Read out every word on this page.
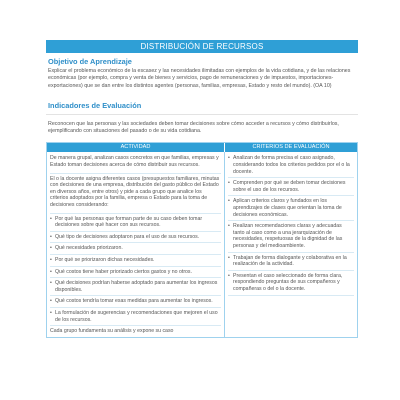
DISTRIBUCIÓN DE RECURSOS
Objetivo de Aprendizaje
Explicar el problema económico de la escasez y las necesidades ilimitadas con ejemplos de la vida cotidiana, y de las relaciones económicas (por ejemplo, compra y venta de bienes y servicios, pago de remuneraciones y de impuestos, importaciones-exportaciones) que se dan entre los distintos agentes (personas, familias, empresas, Estado y resto del mundo). (OA 10)
Indicadores de Evaluación
Reconocen que las personas y las sociedades deben tomar decisiones sobre cómo acceder a recursos y cómo distribuirlos, ejemplificando con situaciones del pasado o de su vida cotidiana.
ACTIVIDAD	CRITERIOS DE EVALUACIÓN
De manera grupal, analizan casos concretos en que familias, empresas y Estado toman decisiones acerca de cómo distribuir sus recursos.
El o la docente asigna diferentes casos (presupuestos familiares, minutas con decisiones de una empresa, distribución del gasto público del Estado en diversos años, entre otros) y pide a cada grupo que analice los criterios adoptados por la familia, empresa o Estado para la toma de decisiones considerando:
• Por qué las personas que forman parte de su caso deben tomar decisiones sobre qué hacer con sus recursos.
• Qué tipo de decisiones adoptaron para el uso de sus recursos.
• Qué necesidades priorizaron.
• Por qué se priorizaron dichas necesidades.
• Qué costos tiene haber priorizado ciertos gastos y no otros.
• Qué decisiones podrían haberse adoptado para aumentar los ingresos disponibles.
• Qué costos tendría tomar esas medidas para aumentar los ingresos.
• La formulación de sugerencias y recomendaciones que mejoren el uso de los recursos.
Cada grupo fundamenta su análisis y expone su caso
• Analizan de forma precisa el caso asignado, considerando todos los criterios pedidos por el o la docente.
• Comprenden por qué se deben tomar decisiones sobre el uso de los recursos.
• Aplican criterios claros y fundados en los aprendizajes de clases que orientan la toma de decisiones económicas.
• Realizan recomendaciones claras y adecuadas tanto al caso como a una jerarquización de necesidades, respetuosas de la dignidad de las personas y del medioambiente.
• Trabajan de forma dialogante y colaborativa en la realización de la actividad.
• Presentan el caso seleccionado de forma clara, respondiendo preguntas de sus compañeros y compañeras o del o la docente.
